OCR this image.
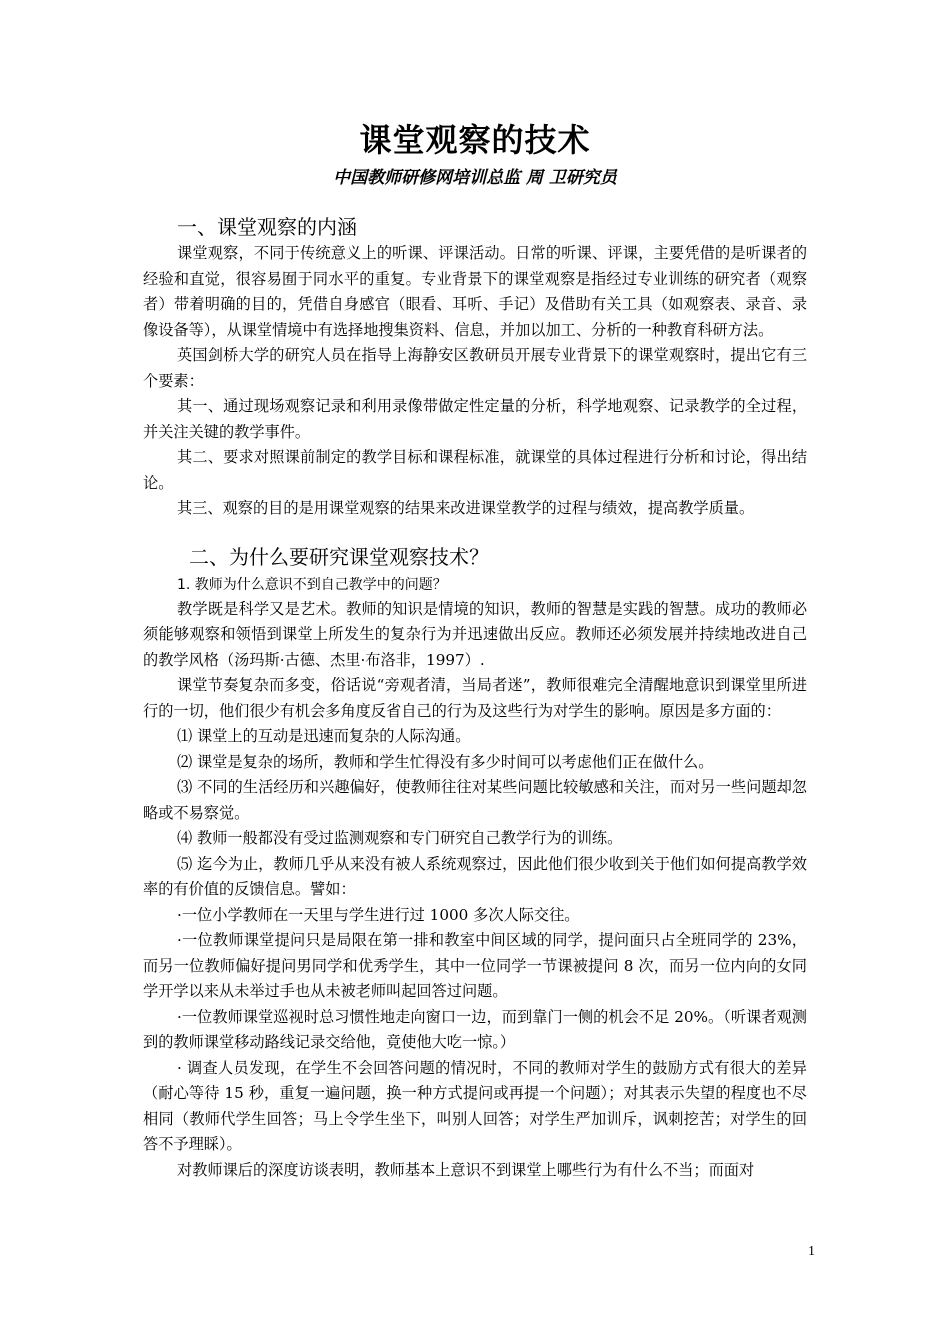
课堂观察的技术
中国教师研修网培训总监 周 卫研究员
一、课堂观察的内涵

课堂观察，不同于传统意义上的听课、评课活动。日常的听课、评课，主要凭借的是听课者的经验和直觉，很容易囿于同水平的重复。专业背景下的课堂观察是指经过专业训练的研究者（观察者）带着明确的目的，凭借自身感官（眼看、耳听、手记）及借助有关工具（如观察表、录音、录像设备等），从课堂情境中有选择地搜集资料、信息，并加以加工、分析的一种教育科研方法。

英国剑桥大学的研究人员在指导上海静安区教研员开展专业背景下的课堂观察时，提出它有三个要素：

其一、通过现场观察记录和利用录像带做定性定量的分析，科学地观察、记录教学的全过程，并关注关键的教学事件。

其二、要求对照课前制定的教学目标和课程标准，就课堂的具体过程进行分析和讨论，得出结论。

其三、观察的目的是用课堂观察的结果来改进课堂教学的过程与绩效，提高教学质量。

二、为什么要研究课堂观察技术？
1. 教师为什么意识不到自己教学中的问题？

教学既是科学又是艺术。教师的知识是情境的知识，教师的智慧是实践的智慧。成功的教师必须能够观察和领悟到课堂上所发生的复杂行为并迅速做出反应。教师还必须发展并持续地改进自己的教学风格（汤玛斯·古德、杰里·布洛非，1997）.

课堂节奏复杂而多变，俗话说“旁观者清，当局者迷”，教师很难完全清醒地意识到课堂里所进行的一切，他们很少有机会多角度反省自己的行为及这些行为对学生的影响。原因是多方面的：

⑴ 课堂上的互动是迅速而复杂的人际沟通。

⑵ 课堂是复杂的场所，教师和学生忙得没有多少时间可以考虑他们正在做什么。

⑶ 不同的生活经历和兴趣偏好，使教师往往对某些问题比较敏感和关注，而对另一些问题却忽略或不易察觉。

⑷ 教师一般都没有受过监测观察和专门研究自己教学行为的训练。

⑸ 迄今为止，教师几乎从来没有被人系统观察过，因此他们很少收到关于他们如何提高教学效率的有价值的反馈信息。譬如：

·一位小学教师在一天里与学生进行过 1000 多次人际交往。

·一位教师课堂提问只是局限在第一排和教室中间区域的同学，提问面只占全班同学的 23%，而另一位教师偏好提问男同学和优秀学生，其中一位同学一节课被提问 8 次，而另一位内向的女同学开学以来从未举过手也从未被老师叫起回答过问题。

·一位教师课堂巡视时总习惯性地走向窗口一边，而到靠门一侧的机会不足 20%。（听课者观测到的教师课堂移动路线记录交给他，竟使他大吃一惊。）

· 调查人员发现，在学生不会回答问题的情况时，不同的教师对学生的鼓励方式有很大的差异（耐心等待 15 秒，重复一遍问题，换一种方式提问或再提一个问题）；对其表示失望的程度也不尽相同（教师代学生回答；马上令学生坐下，叫别人回答；对学生严加训斥，讽刺挖苦；对学生的回答不予理睬）。

对教师课后的深度访谈表明，教师基本上意识不到课堂上哪些行为有什么不当；而面对

1
